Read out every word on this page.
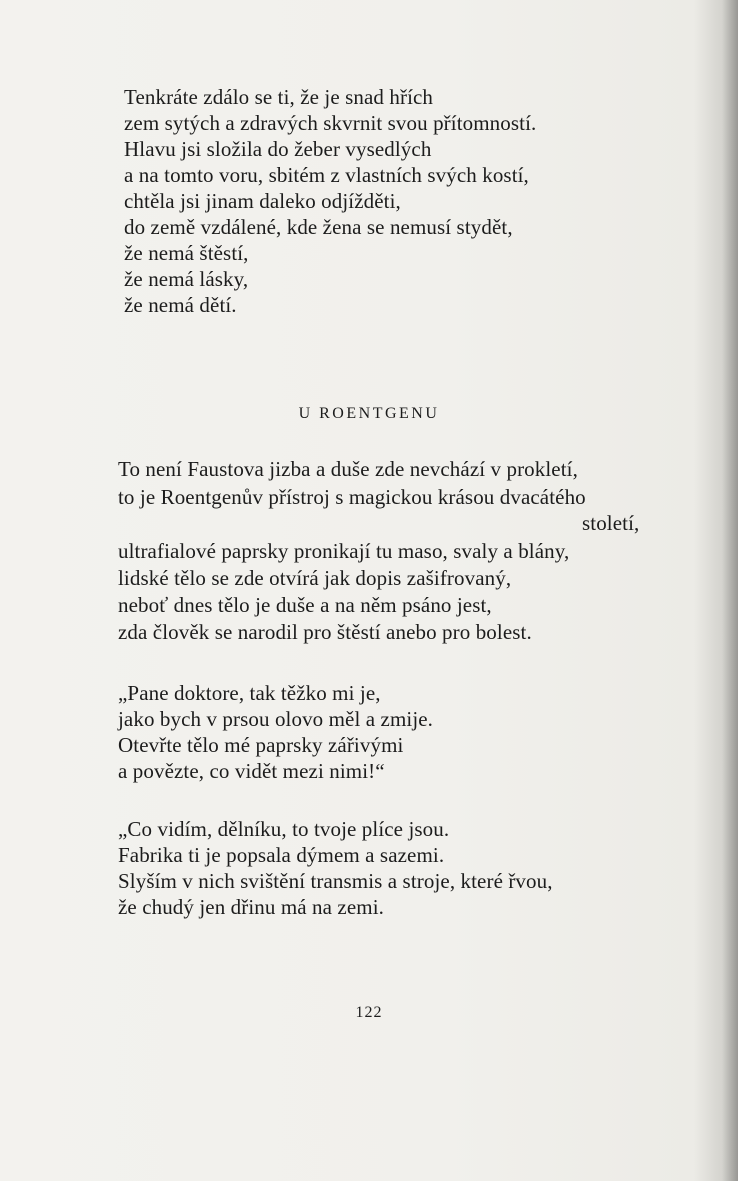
Tenkráte zdálo se ti, že je snad hřích
zem sytých a zdravých skvrnit svou přítomností.
Hlavu jsi složila do žeber vysedlých
a na tomto voru, sbitém z vlastních svých kostí,
chtěla jsi jinam daleko odjížděti,
do země vzdálené, kde žena se nemusí stydět,
že nemá štěstí,
že nemá lásky,
že nemá dětí.
U ROENTGENU
To není Faustova jizba a duše zde nevchází v prokletí,
to je Roentgenův přístroj s magickou krásou dvacátého
století,
ultrafialové paprsky pronikají tu maso, svaly a blány,
lidské tělo se zde otvírá jak dopis zašifrovaný,
neboť dnes tělo je duše a na něm psáno jest,
zda člověk se narodil pro štěstí anebo pro bolest.
„Pane doktore, tak těžko mi je,
jako bych v prsou olovo měl a zmije.
Otevřte tělo mé paprsky zářivými
a povězte, co vidět mezi nimi!“
„Co vidím, dělníku, to tvoje plíce jsou.
Fabrika ti je popsala dýmem a sazemi.
Slyším v nich svištění transmis a stroje, které řvou,
že chudý jen dřinu má na zemi.
122
